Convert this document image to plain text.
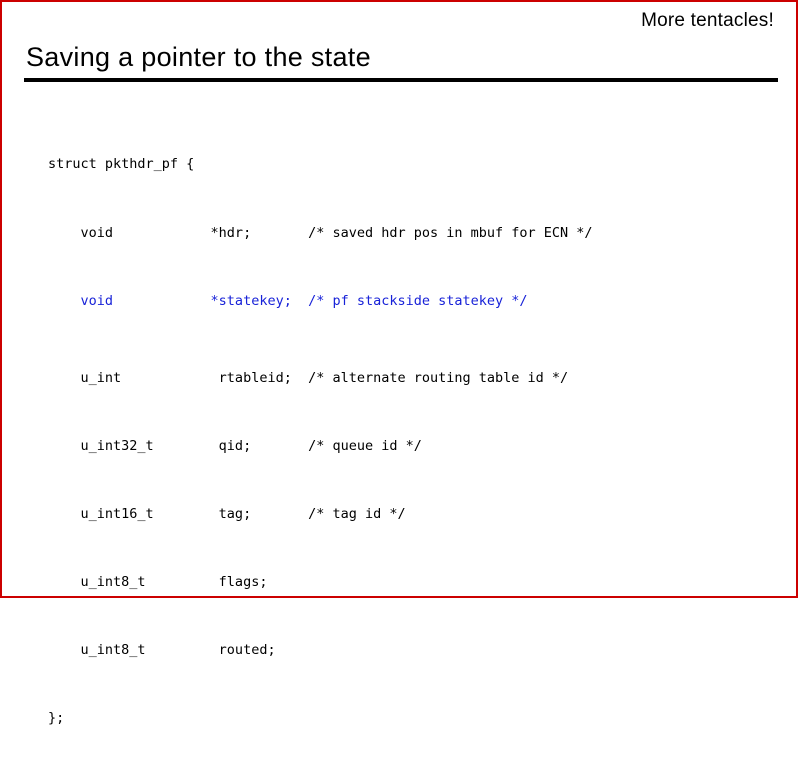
More tentacles!
Saving a pointer to the state

struct pkthdr_pf {

void            *hdr;       /* saved hdr pos in mbuf for ECN */

void            *statekey;  /* pf stackside statekey */

u_int            rtableid;  /* alternate routing table id */

u_int32_t        qid;       /* queue id */

u_int16_t        tag;       /* tag id */

u_int8_t         flags;

u_int8_t         routed;

};
